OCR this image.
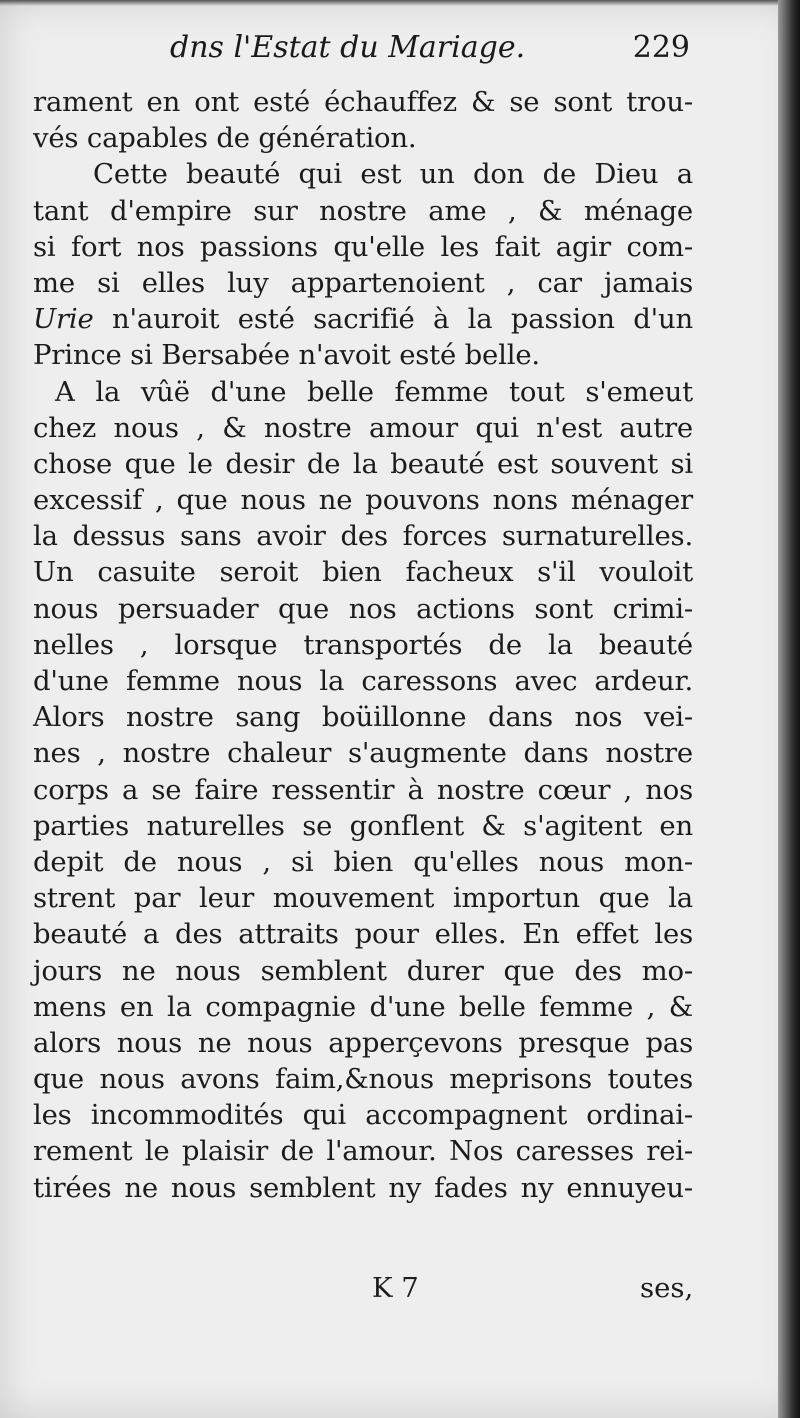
dns l'Estat du Mariage.	229
rament en ont esté échauffez & se sont trou-
vés capables de génération.
Cette beauté qui est un don de Dieu a
tant d'empire sur nostre ame , & ménage
si fort nos passions qu'elle les fait agir com-
me si elles luy appartenoient , car jamais
Urie n'auroit esté sacrifié à la passion d'un
Prince si Bersabée n'avoit esté belle.
A la vûë d'une belle femme tout s'emeut
chez nous , & nostre amour qui n'est autre
chose que le desir de la beauté est souvent si
excessif , que nous ne pouvons nons ménager
la dessus sans avoir des forces surnaturelles.
Un casuite seroit bien facheux s'il vouloit
nous persuader que nos actions sont crimi-
nelles , lorsque transportés de la beauté
d'une femme nous la caressons avec ardeur.
Alors nostre sang boüillonne dans nos vei-
nes , nostre chaleur s'augmente dans nostre
corps a se faire ressentir à nostre cœur , nos
parties naturelles se gonflent & s'agitent en
depit de nous , si bien qu'elles nous mon-
strent par leur mouvement importun que la
beauté a des attraits pour elles. En effet les
jours ne nous semblent durer que des mo-
mens en la compagnie d'une belle femme , &
alors nous ne nous apperçevons presque pas
que nous avons faim,&nous meprisons toutes
les incommodités qui accompagnent ordinai-
rement le plaisir de l'amour. Nos caresses rei-
tirées ne nous semblent ny fades ny ennuyeu-
K 7	ses,
